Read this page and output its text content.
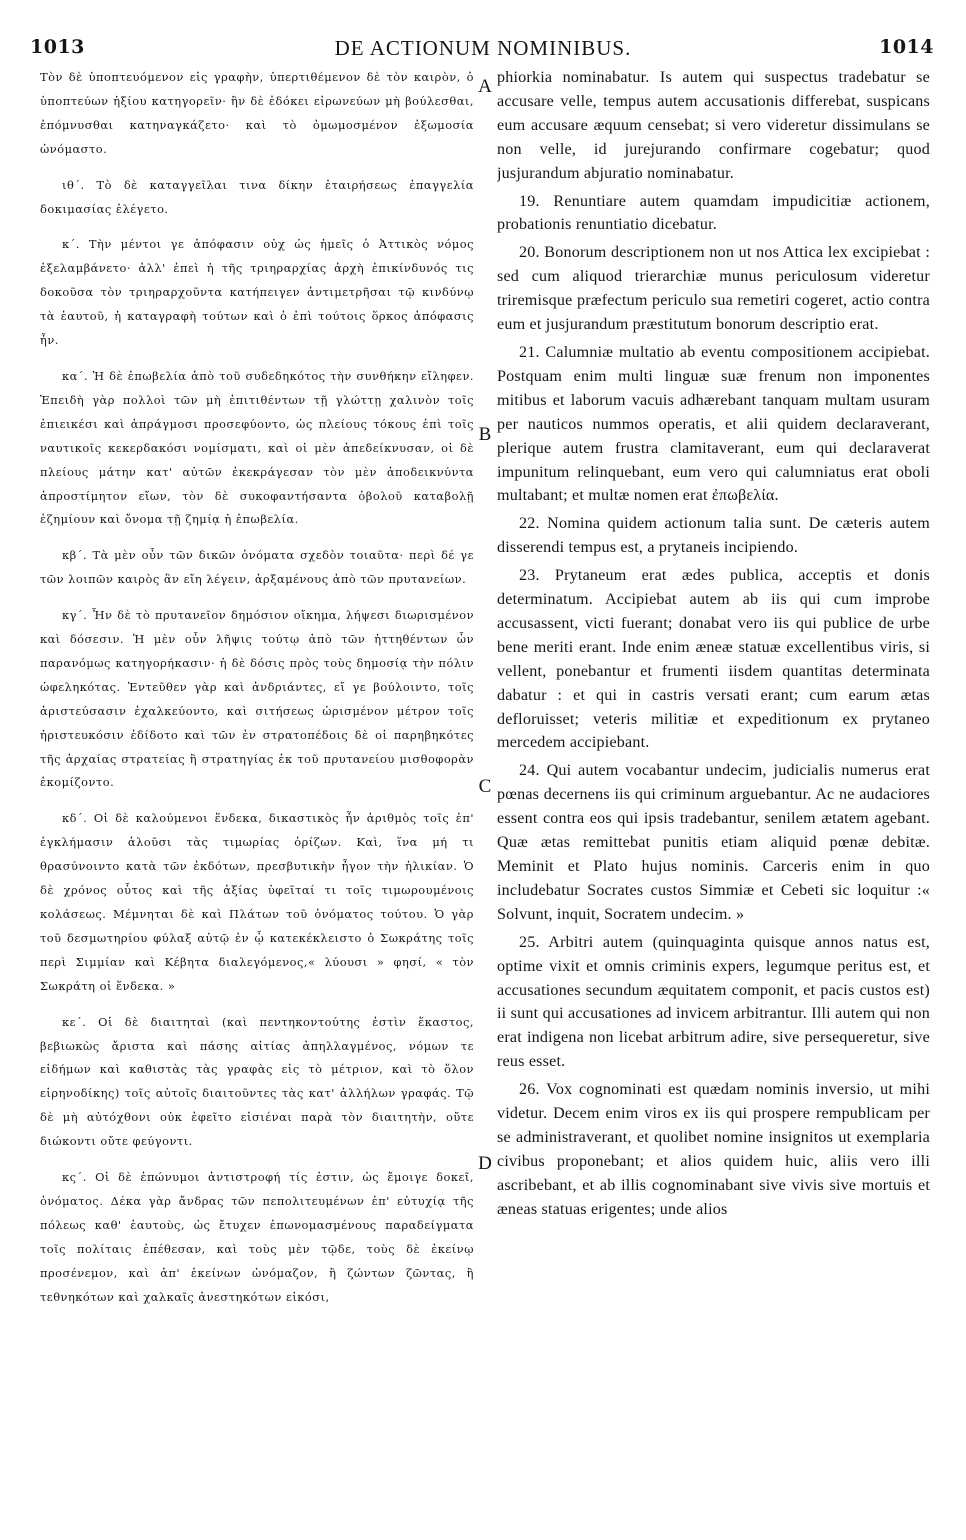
1013	DE ACTIONUM NOMINIBUS.	1014

Τὸν δὲ ὑποπτευόμενον εἰς γραφὴν, ὑπερτιθέμενον δὲ τὸν καιρὸν, ὁ ὑποπτεύων ἠξίου κατηγορεῖν· ἢν δὲ ἐδόκει εἰρωνεύων μὴ βούλεσθαι, ἐπόμνυσθαι κατηναγκάζετο· καὶ τὸ ὀμωμοσμένον ἐξωμοσία ὠνόμαστο.

ιθ΄. Τὸ δὲ καταγγεῖλαι τινα δίκην ἑταιρήσεως ἐπαγγελία δοκιμασίας ἐλέγετο.

κ΄. Τὴν μέντοι γε ἀπόφασιν οὐχ ὡς ἡμεῖς ὁ Ἀττικὸς νόμος ἐξελαμβάνετο· ἀλλ' ἐπεὶ ἡ τῆς τριηραρχίας ἀρχὴ ἐπικίνδυνός τις δοκοῦσα τὸν τριηραρχοῦντα κατήπειγεν ἀντιμετρῆσαι τῷ κινδύνῳ τὰ ἑαυτοῦ, ἡ καταγραφὴ τούτων καὶ ὁ ἐπὶ τούτοις ὅρκος ἀπόφασις ἦν.

κα΄. Ἡ δὲ ἐπωβελία ἀπὸ τοῦ συδεδηκότος τὴν συνθήκην εἴληφεν. Ἐπειδὴ γὰρ πολλοὶ τῶν μὴ ἐπιτιθέντων τῇ γλώττῃ χαλινὸν τοῖς ἐπιεικέσι καὶ ἀπράγμοσι προσεφύοντο, ὡς πλείους τόκους ἐπὶ τοῖς ναυτικοῖς κεκερδακόσι νομίσματι, καὶ οἱ μὲν ἀπεδείκνυσαν, οἱ δὲ πλείους μάτην κατ' αὐτῶν ἐκεκράγεσαν τὸν μὲν ἀποδεικνύντα ἀπροστίμητον εἴων, τὸν δὲ συκοφαντήσαντα ὀβολοῦ καταβολῇ ἐζημίουν καὶ ὄνομα τῇ ζημίᾳ ἡ ἐπωβελία.

κβ΄. Τὰ μὲν οὖν τῶν δικῶν ὀνόματα σχεδὸν τοιαῦτα· περὶ δέ γε τῶν λοιπῶν καιρὸς ἂν εἴη λέγειν, ἀρξαμένους ἀπὸ τῶν πρυτανείων.

κγ΄. Ἦν δὲ τὸ πρυτανεῖον δημόσιον οἴκημα, λήψεσι διωρισμένον καὶ δόσεσιν. Ἡ μὲν οὖν λῆψις τούτῳ ἀπὸ τῶν ἡττηθέντων ὧν παρανόμως κατηγορήκασιν· ἡ δὲ δόσις πρὸς τοὺς δημοσίᾳ τὴν πόλιν ὠφεληκότας. Ἐντεῦθεν γὰρ καὶ ἀνδριάντες, εἴ γε βούλοιντο, τοῖς ἀριστεύσασιν ἐχαλκεύοντο, καὶ σιτήσεως ὡρισμένον μέτρον τοῖς ἠριστευκόσιν ἐδίδοτο καὶ τῶν ἐν στρατοπέδοις δὲ οἱ παρηβηκότες τῆς ἀρχαίας στρατείας ἢ στρατηγίας ἐκ τοῦ πρυτανείου μισθοφορὰν ἐκομίζοντο.

κδ΄. Οἱ δὲ καλούμενοι ἕνδεκα, δικαστικὸς ἦν ἀριθμὸς τοῖς ἐπ' ἐγκλήμασιν ἁλοῦσι τὰς τιμωρίας ὁρίζων. Καὶ, ἵνα μή τι θρασύνοιντο κατὰ τῶν ἐκδότων, πρεσβυτικὴν ἦγον τὴν ἡλικίαν. Ὁ δὲ χρόνος οὗτος καὶ τῆς ἀξίας ὑφεῖταί τι τοῖς τιμωρουμένοις κολάσεως. Μέμνηται δὲ καὶ Πλάτων τοῦ ὀνόματος τούτου. Ὁ γὰρ τοῦ δεσμωτηρίου φύλαξ αὐτῷ ἐν ᾧ κατεκέκλειστο ὁ Σωκράτης τοῖς περὶ Σιμμίαν καὶ Κέβητα διαλεγόμενος,« λύουσι » φησί, « τὸν Σωκράτη οἱ ἕνδεκα. »

κε΄. Οἱ δὲ διαιτηταὶ (καὶ πεντηκοντούτης ἐστὶν ἕκαστος, βεβιωκὼς ἄριστα καὶ πάσης αἰτίας ἀπηλλαγμένος, νόμων τε εἰδήμων καὶ καθιστὰς τὰς γραφὰς εἰς τὸ μέτριον, καὶ τὸ ὅλον εἰρηνοδίκης) τοῖς αὐτοῖς διαιτοῦντες τὰς κατ' ἀλλήλων γραφάς. Τῷ δὲ μὴ αὐτόχθονι οὐκ ἐφεῖτο εἰσιέναι παρὰ τὸν διαιτητὴν, οὔτε διώκοντι οὔτε φεύγοντι.

κς΄. Οἱ δὲ ἐπώνυμοι ἀντιστροφή τίς ἐστιν, ὡς ἔμοιγε δοκεῖ, ὀνόματος. Δέκα γὰρ ἄνδρας τῶν πεπολιτευμένων ἐπ' εὐτυχίᾳ τῆς πόλεως καθ' ἑαυτοὺς, ὡς ἔτυχεν ἐπωνομασμένους παραδείγματα τοῖς πολίταις ἐπέθεσαν, καὶ τοὺς μὲν τῷδε, τοὺς δὲ ἐκείνῳ προσένεμον, καὶ ἀπ' ἐκείνων ὠνόμαζον, ἢ ζώντων ζῶντας, ἢ τεθνηκότων καὶ χαλκαῖς ἀνεστηκότων εἰκόσι,

A
B
C
D

phiorkia nominabatur. Is autem qui suspectus tradebatur se accusare velle, tempus autem accusationis differebat, suspicans eum accusare æquum censebat; si vero videretur dissimulans se non velle, id jurejurando confirmare cogebatur; quod jusjurandum abjuratio nominabatur.

19. Renuntiare autem quamdam impudicitiæ actionem, probationis renuntiatio dicebatur.

20. Bonorum descriptionem non ut nos Attica lex excipiebat : sed cum aliquod trierarchiæ munus periculosum videretur triremisque præfectum periculo sua remetiri cogeret, actio contra eum et jusjurandum præstitutum bonorum descriptio erat.

21. Calumniæ multatio ab eventu compositionem accipiebat. Postquam enim multi linguæ suæ frenum non imponentes mitibus et laborum vacuis adhærebant tanquam multam usuram per nauticos nummos operatis, et alii quidem declaraverant, plerique autem frustra clamitaverant, eum qui declaraverat impunitum relinquebant, eum vero qui calumniatus erat oboli multabant; et multæ nomen erat ἐπωβελία.

22. Nomina quidem actionum talia sunt. De cæteris autem disserendi tempus est, a prytaneis incipiendo.

23. Prytaneum erat ædes publica, acceptis et donis determinatum. Accipiebat autem ab iis qui cum improbe accusassent, victi fuerant; donabat vero iis qui publice de urbe bene meriti erant. Inde enim æneæ statuæ excellentibus viris, si vellent, ponebantur et frumenti iisdem quantitas determinata dabatur : et qui in castris versati erant; cum earum ætas defloruisset; veteris militiæ et expeditionum ex prytaneo mercedem accipiebant.

24. Qui autem vocabantur undecim, judicialis numerus erat pœnas decernens iis qui criminum arguebantur. Ac ne audaciores essent contra eos qui ipsis tradebantur, senilem ætatem agebant. Quæ ætas remittebat punitis etiam aliquid pœnæ debitæ. Meminit et Plato hujus nominis. Carceris enim in quo includebatur Socrates custos Simmiæ et Cebeti sic loquitur :« Solvunt, inquit, Socratem undecim. »

25. Arbitri autem (quinquaginta quisque annos natus est, optime vixit et omnis criminis expers, legumque peritus est, et accusationes secundum æquitatem componit, et pacis custos est) ii sunt qui accusationes ad invicem arbitrantur. Illi autem qui non erat indigena non licebat arbitrum adire, sive persequeretur, sive reus esset.

26. Vox cognominati est quædam nominis inversio, ut mihi videtur. Decem enim viros ex iis qui prospere rempublicam per se administraverant, et quolibet nomine insignitos ut exemplaria civibus proponebant; et alios quidem huic, aliis vero illi ascribebant, et ab illis cognominabant sive vivis sive mortuis et æneas statuas erigentes; unde alios
